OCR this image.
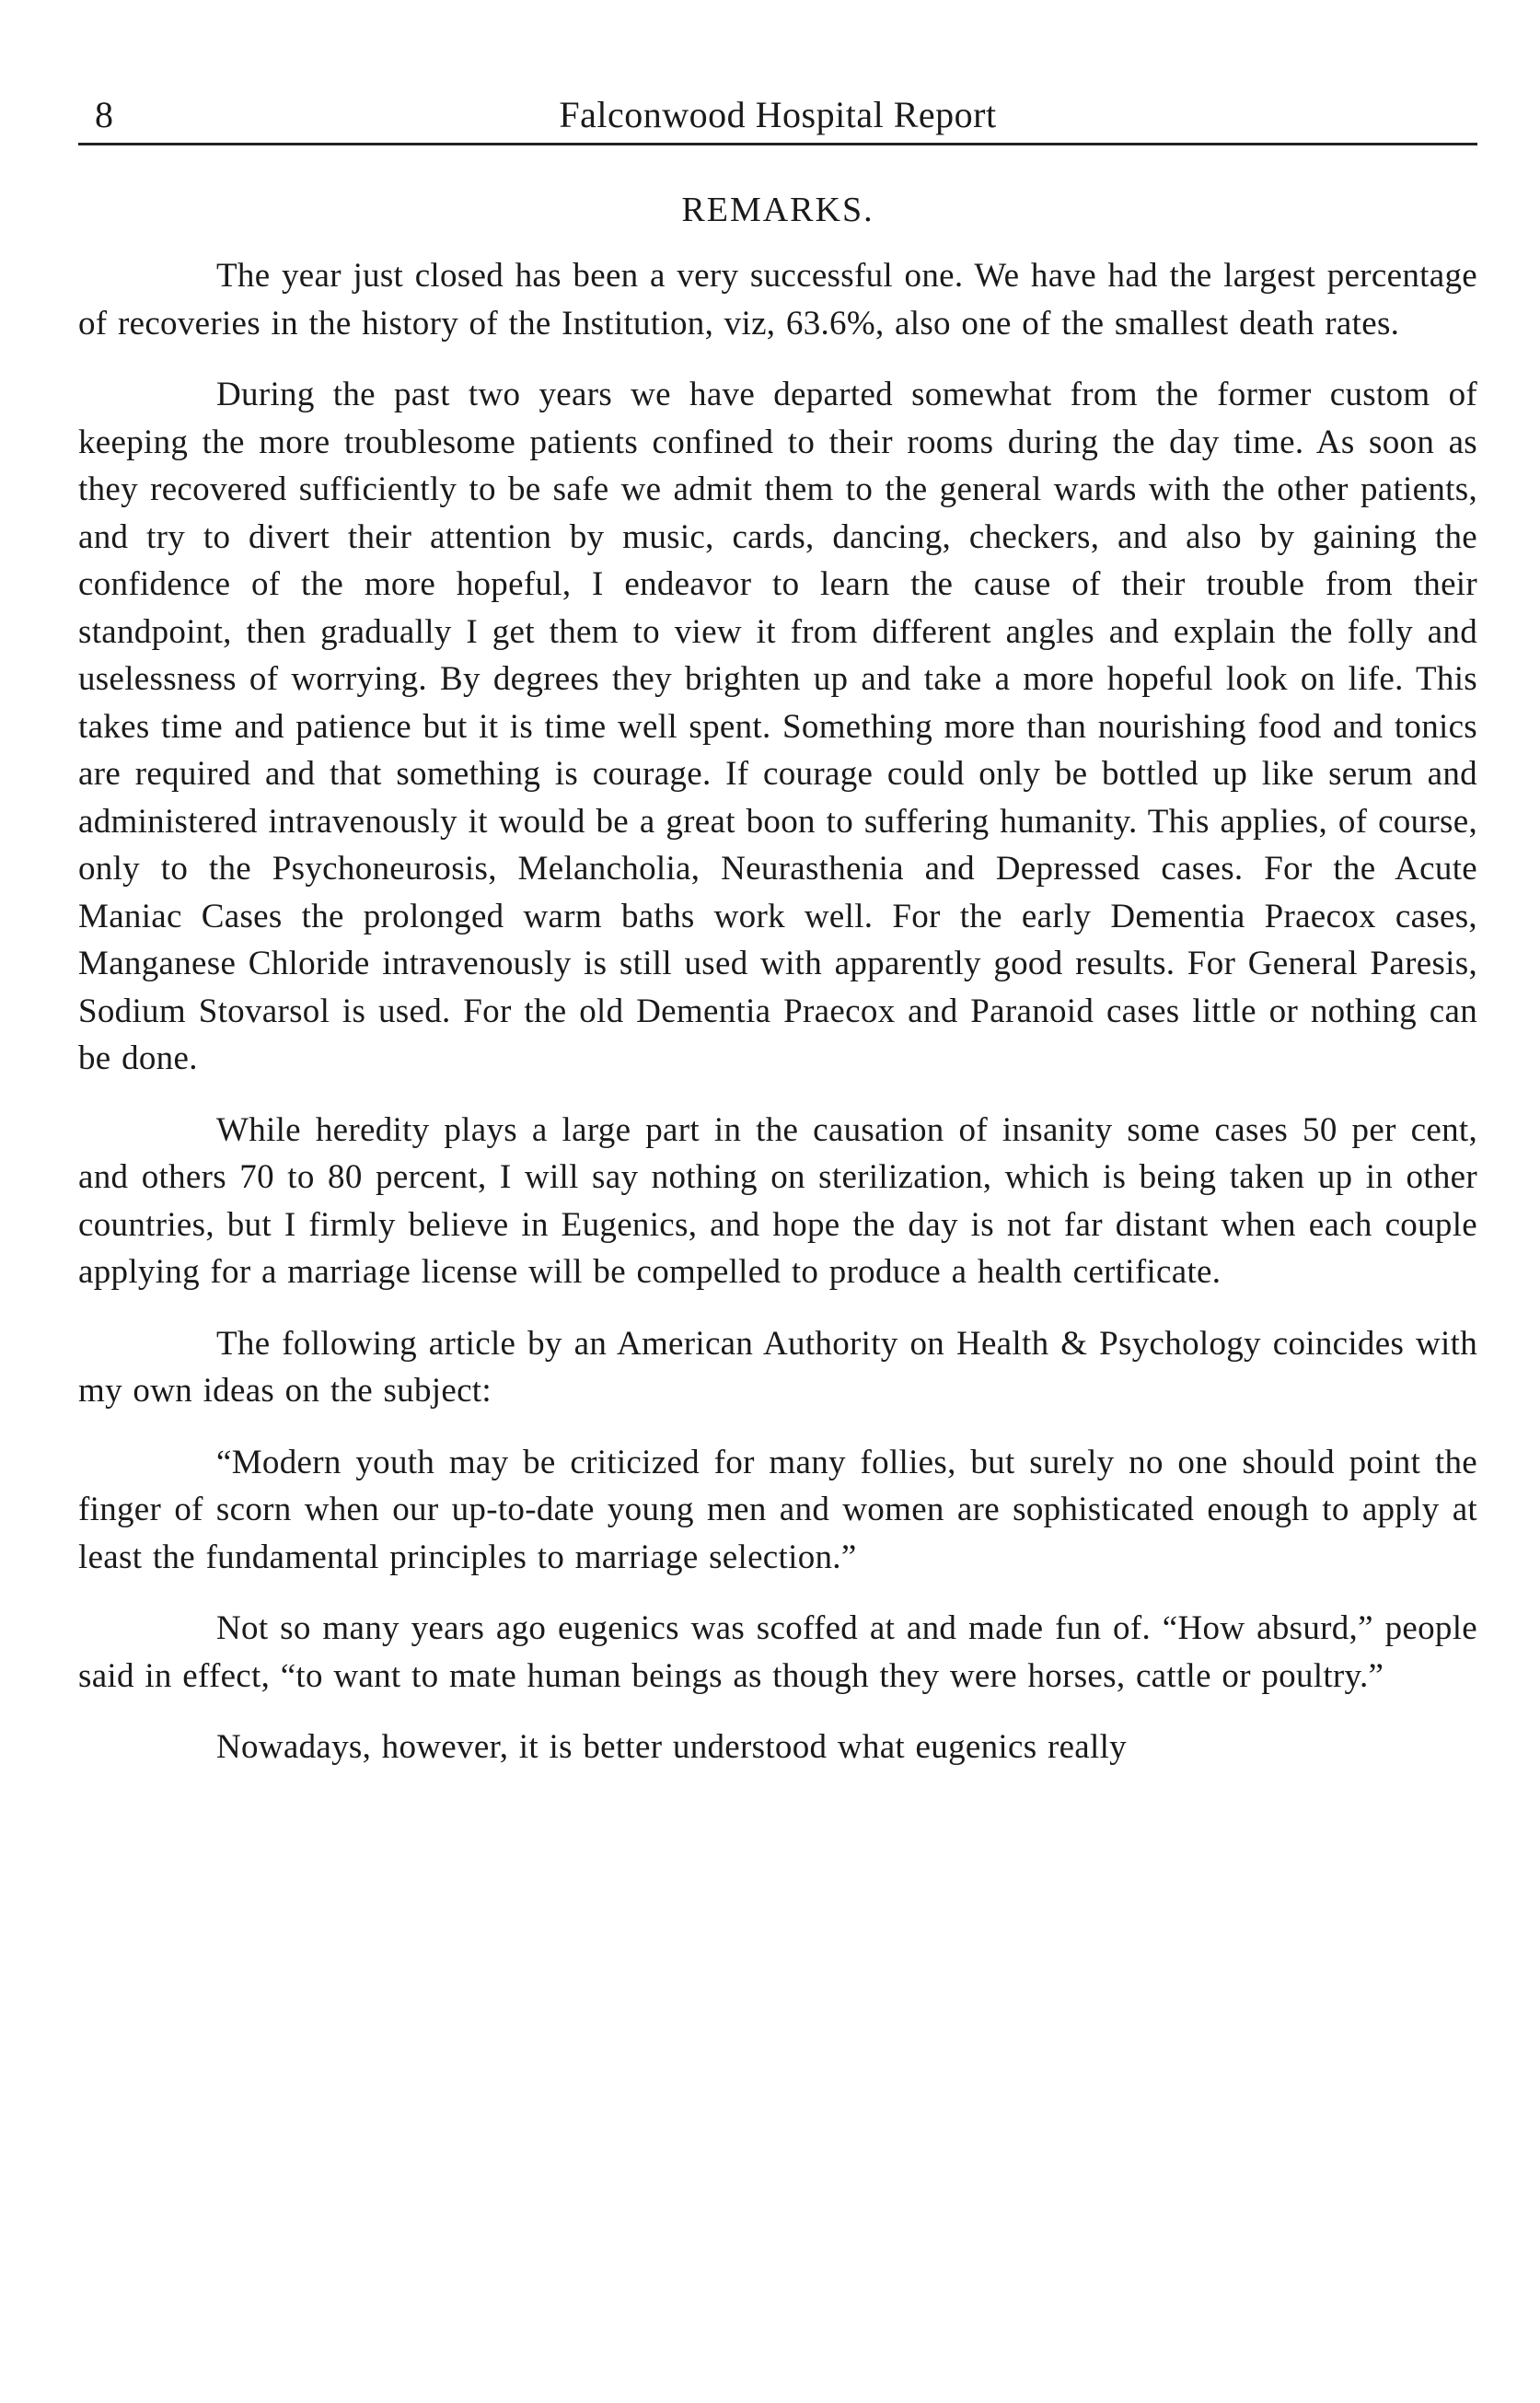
8	Falconwood Hospital Report
REMARKS.

The year just closed has been a very successful one. We have had the largest percentage of recoveries in the history of the Institution, viz, 63.6%, also one of the smallest death rates.

During the past two years we have departed somewhat from the former custom of keeping the more troublesome patients confined to their rooms during the day time. As soon as they recovered sufficiently to be safe we admit them to the general wards with the other patients, and try to divert their attention by music, cards, dancing, checkers, and also by gaining the confidence of the more hopeful, I endeavor to learn the cause of their trouble from their standpoint, then gradually I get them to view it from different angles and explain the folly and uselessness of worrying. By degrees they brighten up and take a more hopeful look on life. This takes time and patience but it is time well spent. Something more than nourishing food and tonics are required and that something is courage. If courage could only be bottled up like serum and administered intravenously it would be a great boon to suffering humanity. This applies, of course, only to the Psychoneurosis, Melancholia, Neurasthenia and Depressed cases. For the Acute Maniac Cases the prolonged warm baths work well. For the early Dementia Praecox cases, Manganese Chloride intravenously is still used with apparently good results. For General Paresis, Sodium Stovarsol is used. For the old Dementia Praecox and Paranoid cases little or nothing can be done.

While heredity plays a large part in the causation of insanity some cases 50 per cent, and others 70 to 80 percent, I will say nothing on sterilization, which is being taken up in other countries, but I firmly believe in Eugenics, and hope the day is not far distant when each couple applying for a marriage license will be compelled to produce a health certificate.

The following article by an American Authority on Health & Psychology coincides with my own ideas on the subject:

“Modern youth may be criticized for many follies, but surely no one should point the finger of scorn when our up-to-date young men and women are sophisticated enough to apply at least the fundamental principles to marriage selection.”

Not so many years ago eugenics was scoffed at and made fun of. “How absurd,” people said in effect, “to want to mate human beings as though they were horses, cattle or poultry.”

Nowadays, however, it is better understood what eugenics really
